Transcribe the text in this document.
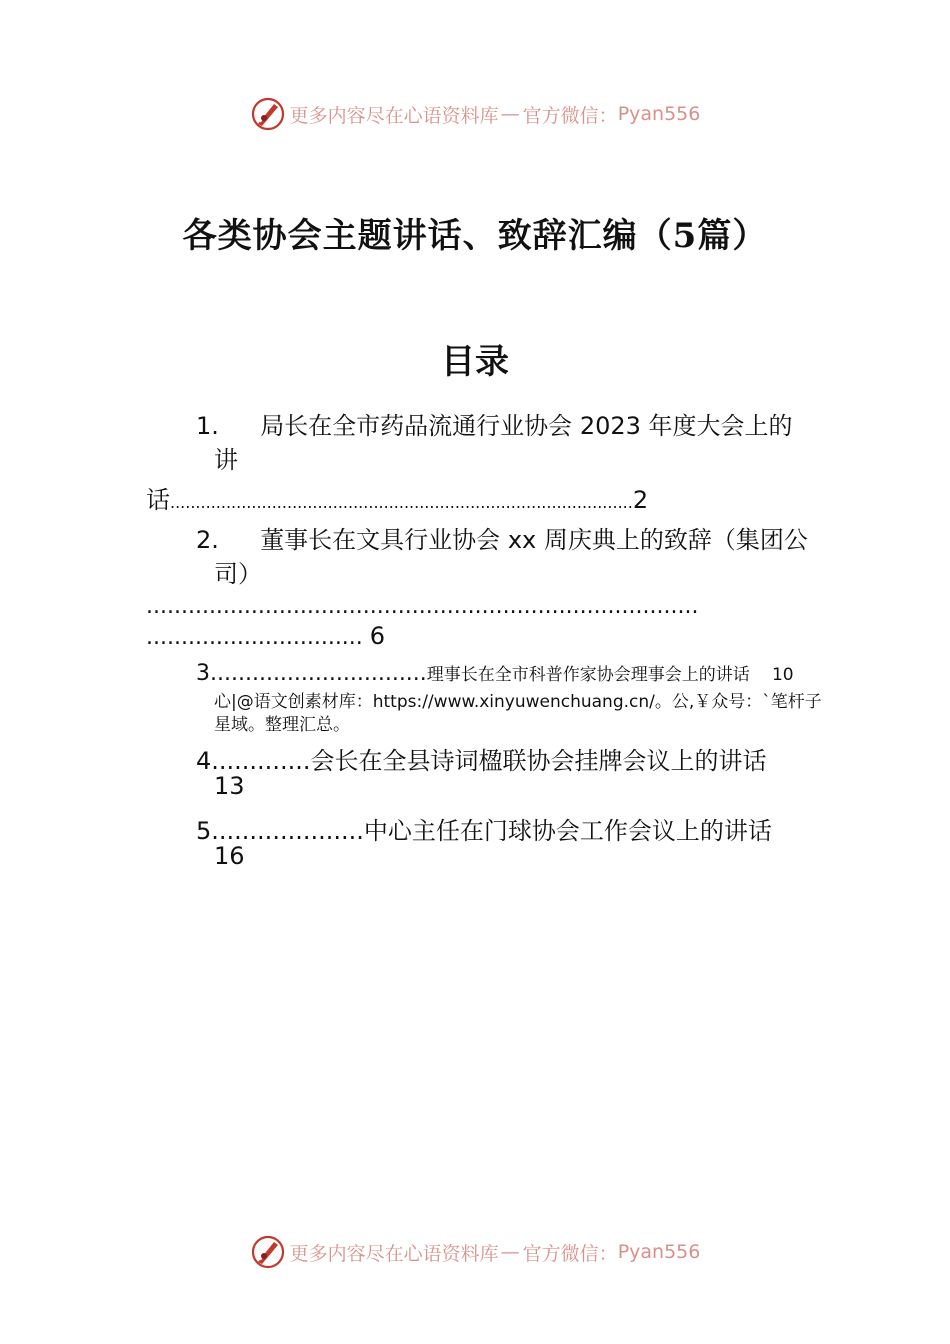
更多内容尽在心语资料库 — 官方微信： Pyan556
各类协会主题讲话、致辞汇编（5篇）
目录
1. 局长在全市药品流通行业协会 2023 年度大会上的
讲
话...........................................................................................2
2. 董事长在文具行业协会 xx 周庆典上的致辞（集团公
司）
...............................................................................
............................... 6
3...............................理事长在全市科普作家协会理事会上的讲话 10
心|@语文创素材库：https://www.xinyuwenchuang.cn/。公,￥众号：`笔杆子
星域。整理汇总。
4.............会长在全县诗词楹联协会挂牌会议上的讲话
13
5....................中心主任在门球协会工作会议上的讲话
16
更多内容尽在心语资料库 — 官方微信： Pyan556
